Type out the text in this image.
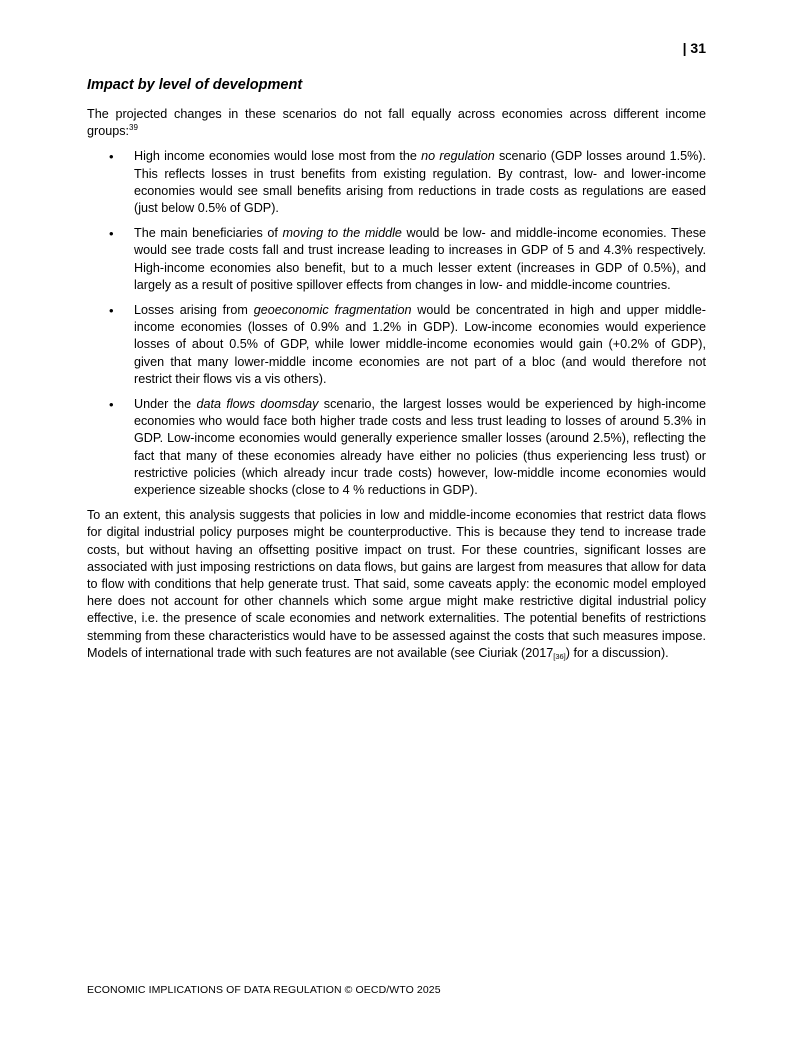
| 31
Impact by level of development

The projected changes in these scenarios do not fall equally across economies across different income groups:$^{39}$

• High income economies would lose most from the no regulation scenario (GDP losses around 1.5%). This reflects losses in trust benefits from existing regulation. By contrast, low- and lower-income economies would see small benefits arising from reductions in trade costs as regulations are eased (just below 0.5% of GDP).
• The main beneficiaries of moving to the middle would be low- and middle-income economies. These would see trade costs fall and trust increase leading to increases in GDP of 5 and 4.3% respectively. High-income economies also benefit, but to a much lesser extent (increases in GDP of 0.5%), and largely as a result of positive spillover effects from changes in low- and middle-income countries.
• Losses arising from geoeconomic fragmentation would be concentrated in high and upper middle-income economies (losses of 0.9% and 1.2% in GDP). Low-income economies would experience losses of about 0.5% of GDP, while lower middle-income economies would gain (+0.2% of GDP), given that many lower-middle income economies are not part of a bloc (and would therefore not restrict their flows vis a vis others).
• Under the data flows doomsday scenario, the largest losses would be experienced by high-income economies who would face both higher trade costs and less trust leading to losses of around 5.3% in GDP. Low-income economies would generally experience smaller losses (around 2.5%), reflecting the fact that many of these economies already have either no policies (thus experiencing less trust) or restrictive policies (which already incur trade costs) however, low-middle income economies would experience sizeable shocks (close to 4 % reductions in GDP).

To an extent, this analysis suggests that policies in low and middle-income economies that restrict data flows for digital industrial policy purposes might be counterproductive. This is because they tend to increase trade costs, but without having an offsetting positive impact on trust. For these countries, significant losses are associated with just imposing restrictions on data flows, but gains are largest from measures that allow for data to flow with conditions that help generate trust. That said, some caveats apply: the economic model employed here does not account for other channels which some argue might make restrictive digital industrial policy effective, i.e. the presence of scale economies and network externalities. The potential benefits of restrictions stemming from these characteristics would have to be assessed against the costs that such measures impose. Models of international trade with such features are not available (see Ciuriak $(2017_{[36]})$ for a discussion).

ECONOMIC IMPLICATIONS OF DATA REGULATION © OECD/WTO 2025
